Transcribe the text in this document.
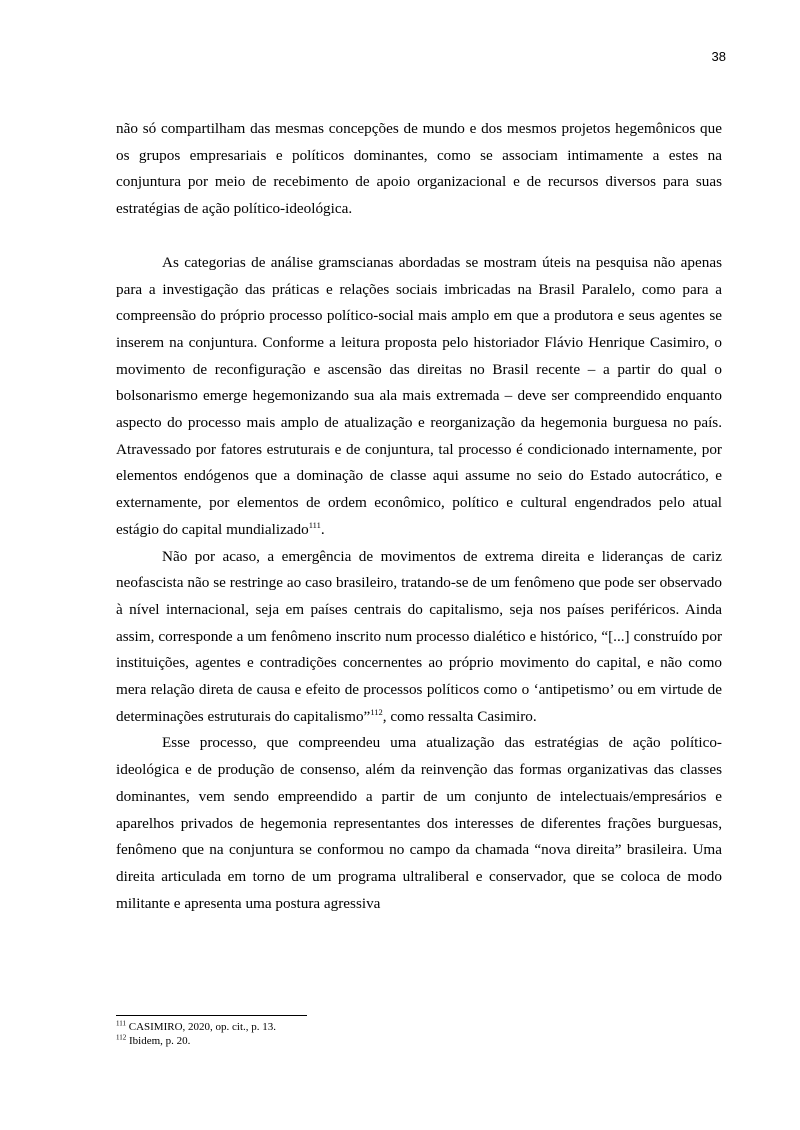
38

não só compartilham das mesmas concepções de mundo e dos mesmos projetos hegemônicos que os grupos empresariais e políticos dominantes, como se associam intimamente a estes na conjuntura por meio de recebimento de apoio organizacional e de recursos diversos para suas estratégias de ação político-ideológica.

As categorias de análise gramscianas abordadas se mostram úteis na pesquisa não apenas para a investigação das práticas e relações sociais imbricadas na Brasil Paralelo, como para a compreensão do próprio processo político-social mais amplo em que a produtora e seus agentes se inserem na conjuntura. Conforme a leitura proposta pelo historiador Flávio Henrique Casimiro, o movimento de reconfiguração e ascensão das direitas no Brasil recente – a partir do qual o bolsonarismo emerge hegemonizando sua ala mais extremada – deve ser compreendido enquanto aspecto do processo mais amplo de atualização e reorganização da hegemonia burguesa no país. Atravessado por fatores estruturais e de conjuntura, tal processo é condicionado internamente, por elementos endógenos que a dominação de classe aqui assume no seio do Estado autocrático, e externamente, por elementos de ordem econômico, político e cultural engendrados pelo atual estágio do capital mundializado$^{111}$.

Não por acaso, a emergência de movimentos de extrema direita e lideranças de cariz neofascista não se restringe ao caso brasileiro, tratando-se de um fenômeno que pode ser observado à nível internacional, seja em países centrais do capitalismo, seja nos países periféricos. Ainda assim, corresponde a um fenômeno inscrito num processo dialético e histórico, “[...] construído por instituições, agentes e contradições concernentes ao próprio movimento do capital, e não como mera relação direta de causa e efeito de processos políticos como o ‘antipetismo’ ou em virtude de determinações estruturais do capitalismo”$^{112}$, como ressalta Casimiro.

Esse processo, que compreendeu uma atualização das estratégias de ação político-ideológica e de produção de consenso, além da reinvenção das formas organizativas das classes dominantes, vem sendo empreendido a partir de um conjunto de intelectuais/empresários e aparelhos privados de hegemonia representantes dos interesses de diferentes frações burguesas, fenômeno que na conjuntura se conformou no campo da chamada “nova direita” brasileira. Uma direita articulada em torno de um programa ultraliberal e conservador, que se coloca de modo militante e apresenta uma postura agressiva

$^{111}$ CASIMIRO, 2020, op. cit., p. 13.
$^{112}$ Ibidem, p. 20.
